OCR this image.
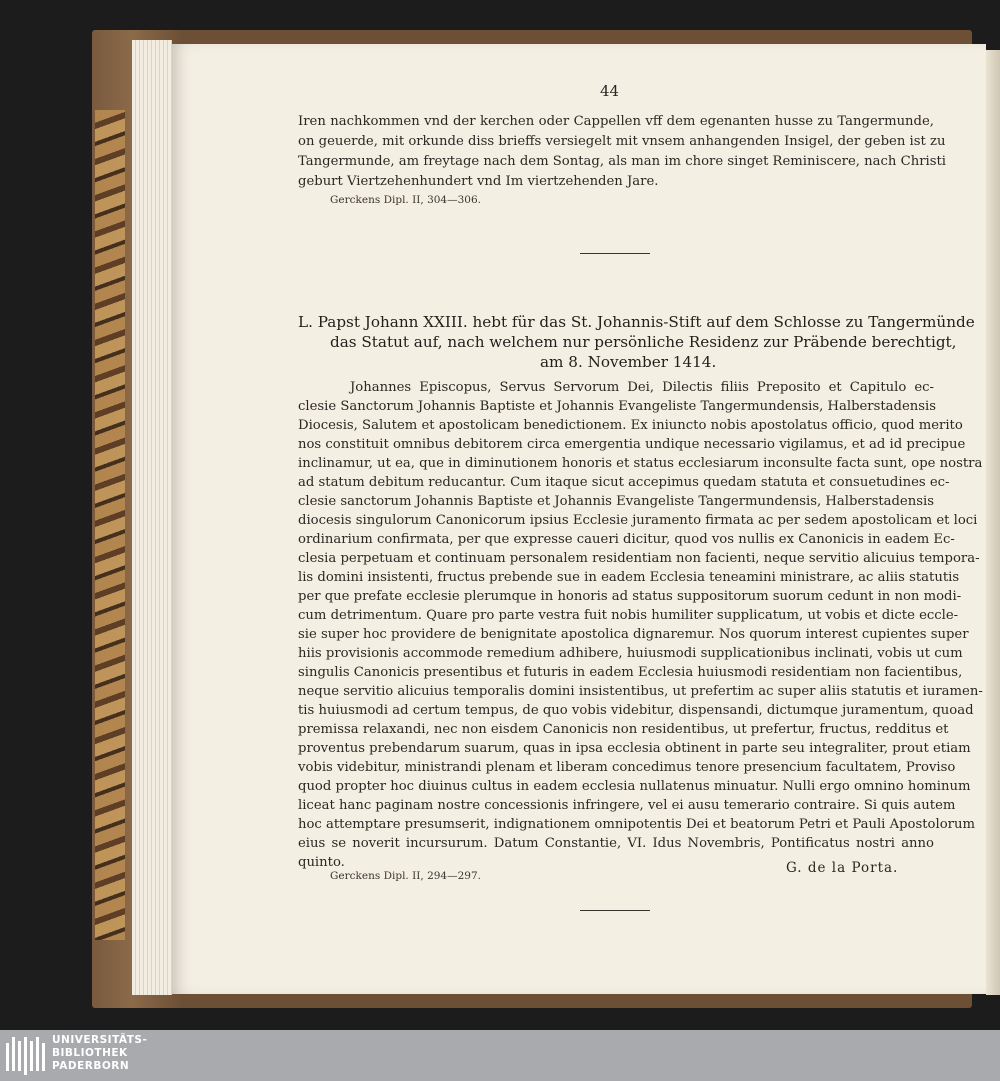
44
Iren nachkommen vnd der kerchen oder Cappellen vff dem egenanten husse zu Tangermunde,
on geuerde, mit orkunde diss brieffs versiegelt mit vnsem anhangenden Insigel, der geben ist zu
Tangermunde, am freytage nach dem Sontag, als man im chore singet Reminiscere, nach Christi
geburt Viertzehenhundert vnd Im viertzehenden Jare.
Gerckens Dipl. II, 304—306.
L. Papst Johann XXIII. hebt für das St. Johannis-Stift auf dem Schlosse zu Tangermünde
das Statut auf, nach welchem nur persönliche Residenz zur Präbende berechtigt,
am 8. November 1414.
Johannes Episcopus, Servus Servorum Dei, Dilectis filiis Preposito et Capitulo ec-
clesie Sanctorum Johannis Baptiste et Johannis Evangeliste Tangermundensis, Halberstadensis
Diocesis, Salutem et apostolicam benedictionem. Ex iniuncto nobis apostolatus officio, quod merito
nos constituit omnibus debitorem circa emergentia undique necessario vigilamus, et ad id precipue
inclinamur, ut ea, que in diminutionem honoris et status ecclesiarum inconsulte facta sunt, ope nostra
ad statum debitum reducantur. Cum itaque sicut accepimus quedam statuta et consuetudines ec-
clesie sanctorum Johannis Baptiste et Johannis Evangeliste Tangermundensis, Halberstadensis
diocesis singulorum Canonicorum ipsius Ecclesie juramento firmata ac per sedem apostolicam et loci
ordinarium confirmata, per que expresse caueri dicitur, quod vos nullis ex Canonicis in eadem Ec-
clesia perpetuam et continuam personalem residentiam non facienti, neque servitio alicuius tempora-
lis domini insistenti, fructus prebende sue in eadem Ecclesia teneamini ministrare, ac aliis statutis
per que prefate ecclesie plerumque in honoris ad status suppositorum suorum cedunt in non modi-
cum detrimentum. Quare pro parte vestra fuit nobis humiliter supplicatum, ut vobis et dicte eccle-
sie super hoc providere de benignitate apostolica dignaremur. Nos quorum interest cupientes super
hiis provisionis accommode remedium adhibere, huiusmodi supplicationibus inclinati, vobis ut cum
singulis Canonicis presentibus et futuris in eadem Ecclesia huiusmodi residentiam non facientibus,
neque servitio alicuius temporalis domini insistentibus, ut prefertim ac super aliis statutis et iuramen-
tis huiusmodi ad certum tempus, de quo vobis videbitur, dispensandi, dictumque juramentum, quoad
premissa relaxandi, nec non eisdem Canonicis non residentibus, ut prefertur, fructus, redditus et
proventus prebendarum suarum, quas in ipsa ecclesia obtinent in parte seu integraliter, prout etiam
vobis videbitur, ministrandi plenam et liberam concedimus tenore presencium facultatem, Proviso
quod propter hoc diuinus cultus in eadem ecclesia nullatenus minuatur. Nulli ergo omnino hominum
liceat hanc paginam nostre concessionis infringere, vel ei ausu temerario contraire. Si quis autem
hoc attemptare presumserit, indignationem omnipotentis Dei et beatorum Petri et Pauli Apostolorum
eius se noverit incursurum. Datum Constantie, VI. Idus Novembris, Pontificatus nostri anno
quinto.	G. de la Porta.
Gerckens Dipl. II, 294—297.
UNIVERSITÄTS-
BIBLIOTHEK
PADERBORN
